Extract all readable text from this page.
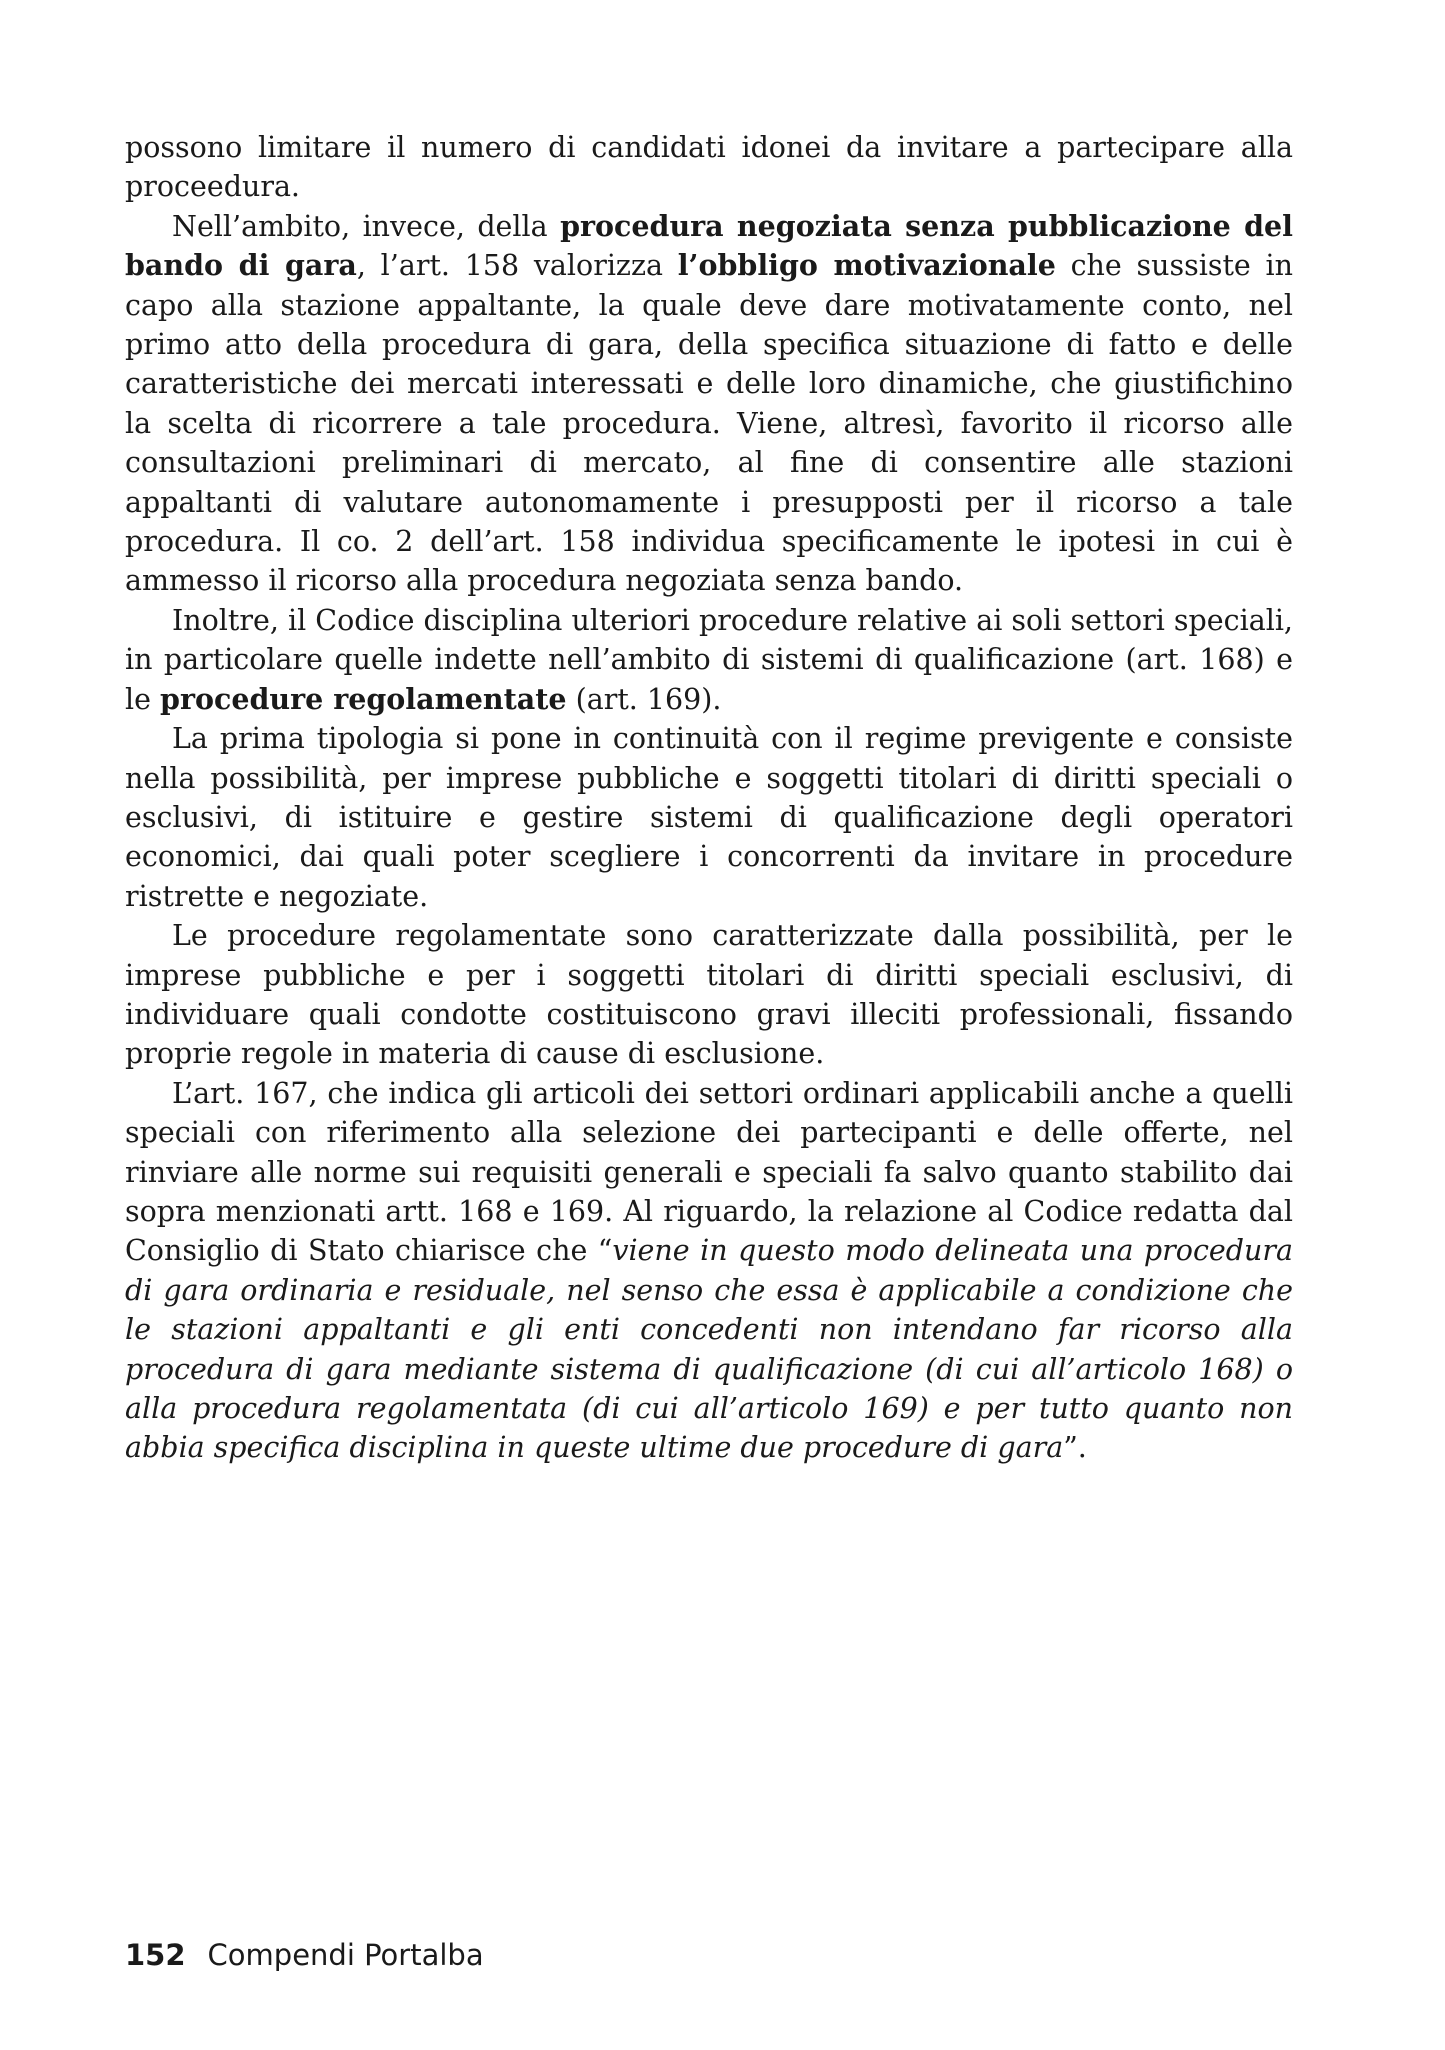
possono limitare il numero di candidati idonei da invitare a partecipare alla proceedura.

Nell’ambito, invece, della procedura negoziata senza pubblicazione del bando di gara, l’art. 158 valorizza l’obbligo motivazionale che sussiste in capo alla stazione appaltante, la quale deve dare motivatamente conto, nel primo atto della procedura di gara, della specifica situazione di fatto e delle caratteristiche dei mercati interessati e delle loro dinamiche, che giustifichino la scelta di ricorrere a tale procedura. Viene, altresì, favorito il ricorso alle consultazioni preliminari di mercato, al fine di consentire alle stazioni appaltanti di valutare autonomamente i presupposti per il ricorso a tale procedura. Il co. 2 dell’art. 158 individua specificamente le ipotesi in cui è ammesso il ricorso alla procedura negoziata senza bando.

Inoltre, il Codice disciplina ulteriori procedure relative ai soli settori speciali, in particolare quelle indette nell’ambito di sistemi di qualificazione (art. 168) e le procedure regolamentate (art. 169).

La prima tipologia si pone in continuità con il regime previgente e consiste nella possibilità, per imprese pubbliche e soggetti titolari di diritti speciali o esclusivi, di istituire e gestire sistemi di qualificazione degli operatori economici, dai quali poter scegliere i concorrenti da invitare in procedure ristrette e negoziate.

Le procedure regolamentate sono caratterizzate dalla possibilità, per le imprese pubbliche e per i soggetti titolari di diritti speciali esclusivi, di individuare quali condotte costituiscono gravi illeciti professionali, fissando proprie regole in materia di cause di esclusione.

L’art. 167, che indica gli articoli dei settori ordinari applicabili anche a quelli speciali con riferimento alla selezione dei partecipanti e delle offerte, nel rinviare alle norme sui requisiti generali e speciali fa salvo quanto stabilito dai sopra menzionati artt. 168 e 169. Al riguardo, la relazione al Codice redatta dal Consiglio di Stato chiarisce che “viene in questo modo delineata una procedura di gara ordinaria e residuale, nel senso che essa è applicabile a condizione che le stazioni appaltanti e gli enti concedenti non intendano far ricorso alla procedura di gara mediante sistema di qualificazione (di cui all’articolo 168) o alla procedura regolamentata (di cui all’articolo 169) e per tutto quanto non abbia specifica disciplina in queste ultime due procedure di gara”.

152 Compendi Portalba
